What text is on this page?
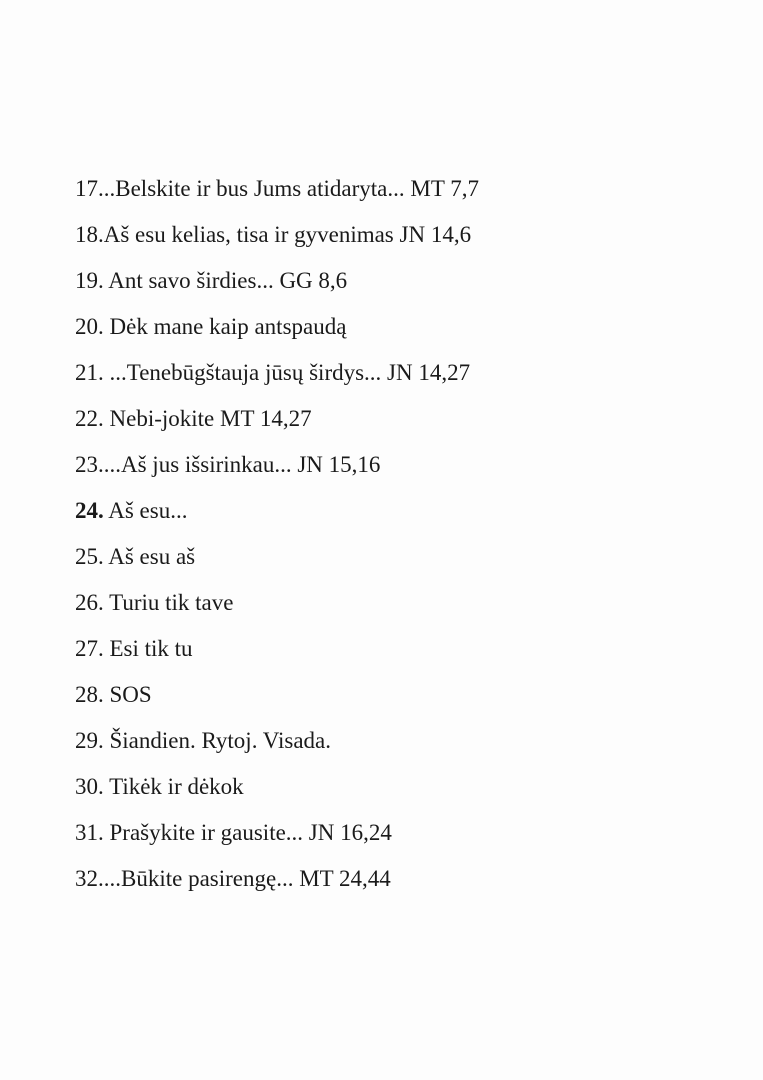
17...Belskite ir bus Jums atidaryta... MT 7,7

18.Aš esu kelias, tisa ir gyvenimas JN 14,6

19. Ant savo širdies... GG 8,6

20. Dėk mane kaip antspaudą

21. ...Tenebūgštauja jūsų širdys... JN 14,27

22. Nebi-jokite MT 14,27

23....Aš jus išsirinkau... JN 15,16

24. Aš esu...

25. Aš esu aš

26. Turiu tik tave

27. Esi tik tu

28. SOS

29. Šiandien. Rytoj. Visada.

30. Tikėk ir dėkok

31. Prašykite ir gausite... JN 16,24

32....Būkite pasirengę... MT 24,44
